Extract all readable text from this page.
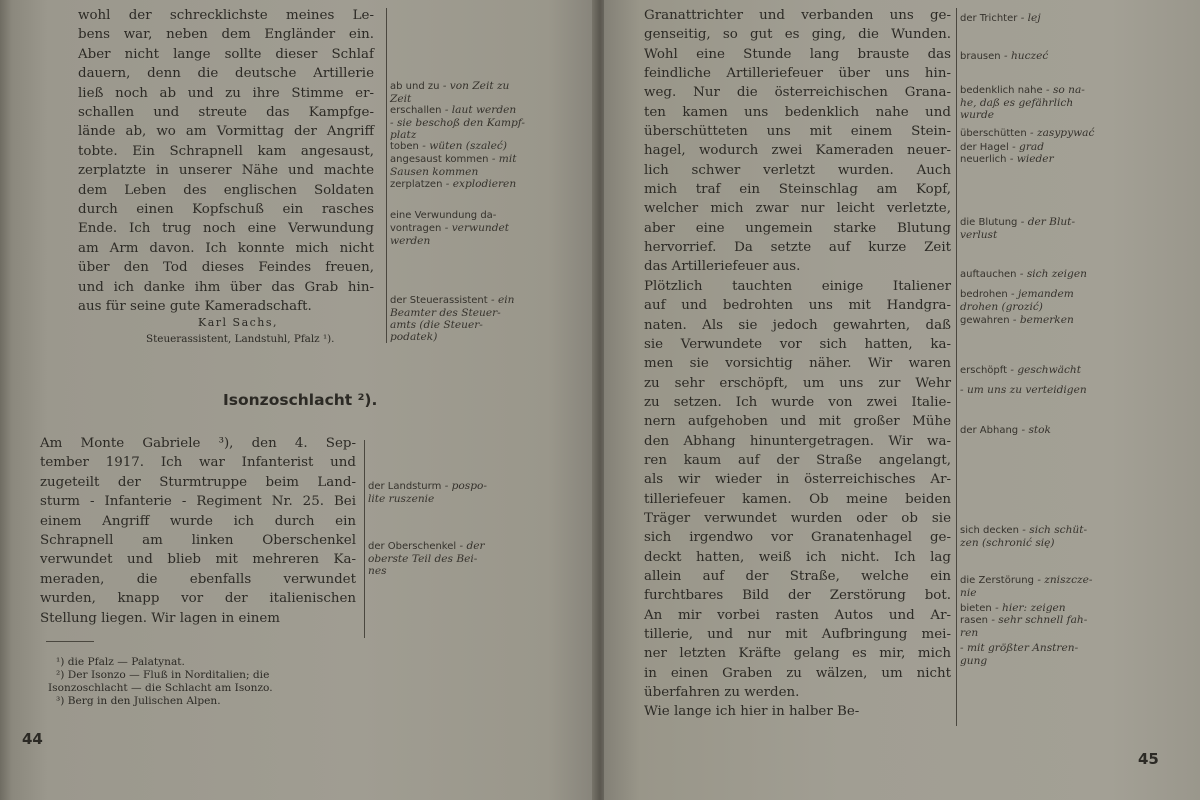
wohl der schrecklichste meines Le-
bens war, neben dem Engländer ein.
Aber nicht lange sollte dieser Schlaf
dauern, denn die deutsche Artillerie
ließ noch ab und zu ihre Stimme er-
schallen und streute das Kampfge-
lände ab, wo am Vormittag der Angriff
tobte. Ein Schrapnell kam angesaust,
zerplatzte in unserer Nähe und machte
dem Leben des englischen Soldaten
durch einen Kopfschuß ein rasches
Ende. Ich trug noch eine Verwundung
am Arm davon. Ich konnte mich nicht
über den Tod dieses Feindes freuen,
und ich danke ihm über das Grab hin-
aus für seine gute Kameradschaft.
ab und zu - von Zeit zu
Zeit
erschallen - laut werden
- sie beschoß den Kampf-
platz
toben - wüten (szaleć)
angesaust kommen - mit
Sausen kommen
zerplatzen - explodieren
eine Verwundung da-
vontragen - verwundet
werden
der Steuerassistent - ein
Beamter des Steuer-
amts (die Steuer-
podatek)
Karl Sachs,
Steuerassistent, Landstuhl, Pfalz ¹).
Isonzoschlacht ²).
Am Monte Gabriele ³), den 4. Sep-
tember 1917. Ich war Infanterist und
zugeteilt der Sturmtruppe beim Land-
sturm - Infanterie - Regiment Nr. 25. Bei
einem Angriff wurde ich durch ein
Schrapnell am linken Oberschenkel
verwundet und blieb mit mehreren Ka-
meraden, die ebenfalls verwundet
wurden, knapp vor der italienischen
Stellung liegen. Wir lagen in einem
der Landsturm - pospo-
lite ruszenie
der Oberschenkel - der
oberste Teil des Bei-
nes
¹) die Pfalz — Palatynat.
²) Der Isonzo — Fluß in Norditalien; die
Isonzoschlacht — die Schlacht am Isonzo.
³) Berg in den Julischen Alpen.
44
Granattrichter und verbanden uns ge-
genseitig, so gut es ging, die Wunden.
Wohl eine Stunde lang brauste das
feindliche Artilleriefeuer über uns hin-
weg. Nur die österreichischen Grana-
ten kamen uns bedenklich nahe und
überschütteten uns mit einem Stein-
hagel, wodurch zwei Kameraden neuer-
lich schwer verletzt wurden. Auch
mich traf ein Steinschlag am Kopf,
welcher mich zwar nur leicht verletzte,
aber eine ungemein starke Blutung
hervorrief. Da setzte auf kurze Zeit
das Artilleriefeuer aus.
Plötzlich tauchten einige Italiener
auf und bedrohten uns mit Handgra-
naten. Als sie jedoch gewahrten, daß
sie Verwundete vor sich hatten, ka-
men sie vorsichtig näher. Wir waren
zu sehr erschöpft, um uns zur Wehr
zu setzen. Ich wurde von zwei Italie-
nern aufgehoben und mit großer Mühe
den Abhang hinuntergetragen. Wir wa-
ren kaum auf der Straße angelangt,
als wir wieder in österreichisches Ar-
tilleriefeuer kamen. Ob meine beiden
Träger verwundet wurden oder ob sie
sich irgendwo vor Granatenhagel ge-
deckt hatten, weiß ich nicht. Ich lag
allein auf der Straße, welche ein
furchtbares Bild der Zerstörung bot.
An mir vorbei rasten Autos und Ar-
tillerie, und nur mit Aufbringung mei-
ner letzten Kräfte gelang es mir, mich
in einen Graben zu wälzen, um nicht
überfahren zu werden.
Wie lange ich hier in halber Be-
der Trichter - lej
brausen - huczeć
bedenklich nahe - so na-
he, daß es gefährlich
wurde
überschütten - zasypywać
der Hagel - grad
neuerlich - wieder
die Blutung - der Blut-
verlust
auftauchen - sich zeigen
bedrohen - jemandem
drohen (grozić)
gewahren - bemerken
erschöpft - geschwächt
- um uns zu verteidigen
der Abhang - stok
sich decken - sich schüt-
zen (schronić się)
die Zerstörung - zniszcze-
nie
bieten - hier: zeigen
rasen - sehr schnell fah-
ren
- mit größter Anstren-
gung
45
